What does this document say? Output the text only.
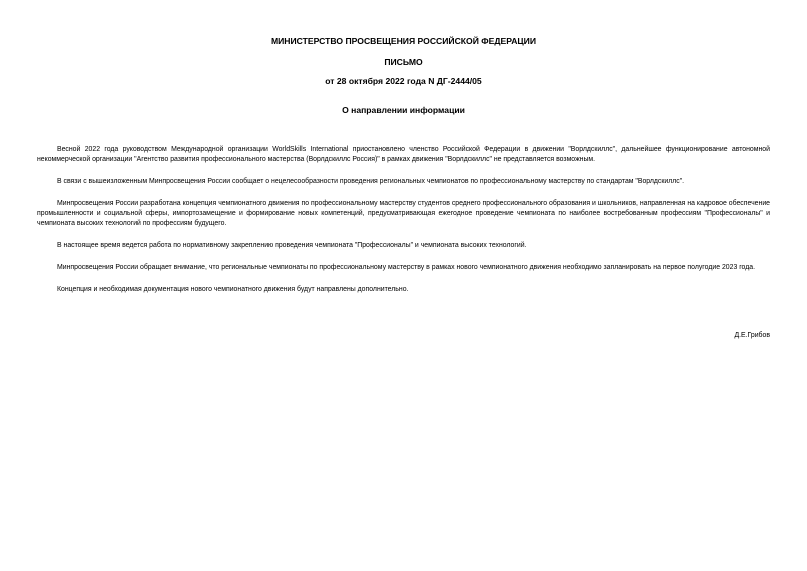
МИНИСТЕРСТВО ПРОСВЕЩЕНИЯ РОССИЙСКОЙ ФЕДЕРАЦИИ
ПИСЬМО
от 28 октября 2022 года N ДГ-2444/05
О направлении информации

Весной 2022 года руководством Международной организации WorldSkills International приостановлено членство Российской Федерации в движении "Ворлдскиллс", дальнейшее функционирование автономной некоммерческой организации "Агентство развития профессионального мастерства (Ворлдскиллс Россия)" в рамках движения "Ворлдскиллс" не представляется возможным.

В связи с вышеизложенным Минпросвещения России сообщает о нецелесообразности проведения региональных чемпионатов по профессиональному мастерству по стандартам "Ворлдскиллс".

Минпросвещения России разработана концепция чемпионатного движения по профессиональному мастерству студентов среднего профессионального образования и школьников, направленная на кадровое обеспечение промышленности и социальной сферы, импортозамещение и формирование новых компетенций, предусматривающая ежегодное проведение чемпионата по наиболее востребованным профессиям "Профессионалы" и чемпионата высоких технологий по профессиям будущего.

В настоящее время ведется работа по нормативному закреплению проведения чемпионата "Профессионалы" и чемпионата высоких технологий.

Минпросвещения России обращает внимание, что региональные чемпионаты по профессиональному мастерству в рамках нового чемпионатного движения необходимо запланировать на первое полугодие 2023 года.

Концепция и необходимая документация нового чемпионатного движения будут направлены дополнительно.

Д.Е.Грибов
